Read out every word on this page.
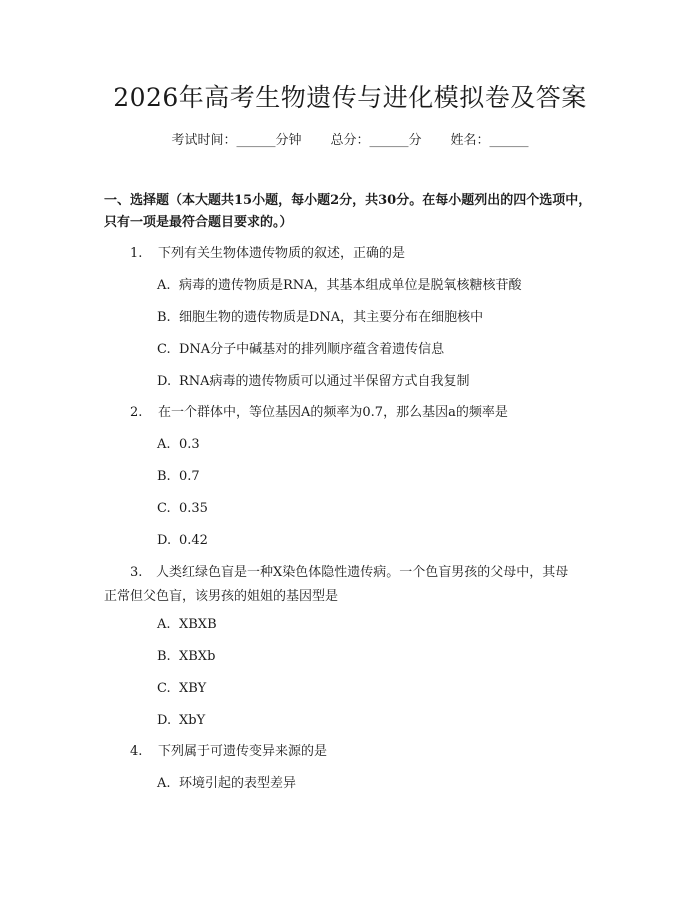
2026年高考生物遗传与进化模拟卷及答案
考试时间：______分钟 总分：______分 姓名：______
一、选择题（本大题共15小题，每小题2分，共30分。在每小题列出的四个选项中，只有一项是最符合题目要求的。）
1. 下列有关生物体遗传物质的叙述，正确的是
A. 病毒的遗传物质是RNA，其基本组成单位是脱氧核糖核苷酸
B. 细胞生物的遗传物质是DNA，其主要分布在细胞核中
C. DNA分子中碱基对的排列顺序蕴含着遗传信息
D. RNA病毒的遗传物质可以通过半保留方式自我复制
2. 在一个群体中，等位基因A的频率为0.7，那么基因a的频率是
A. 0.3
B. 0.7
C. 0.35
D. 0.42
3. 人类红绿色盲是一种X染色体隐性遗传病。一个色盲男孩的父母中，其母
正常但父色盲，该男孩的姐姐的基因型是
A. XBXB
B. XBXb
C. XBY
D. XbY
4. 下列属于可遗传变异来源的是
A. 环境引起的表型差异
